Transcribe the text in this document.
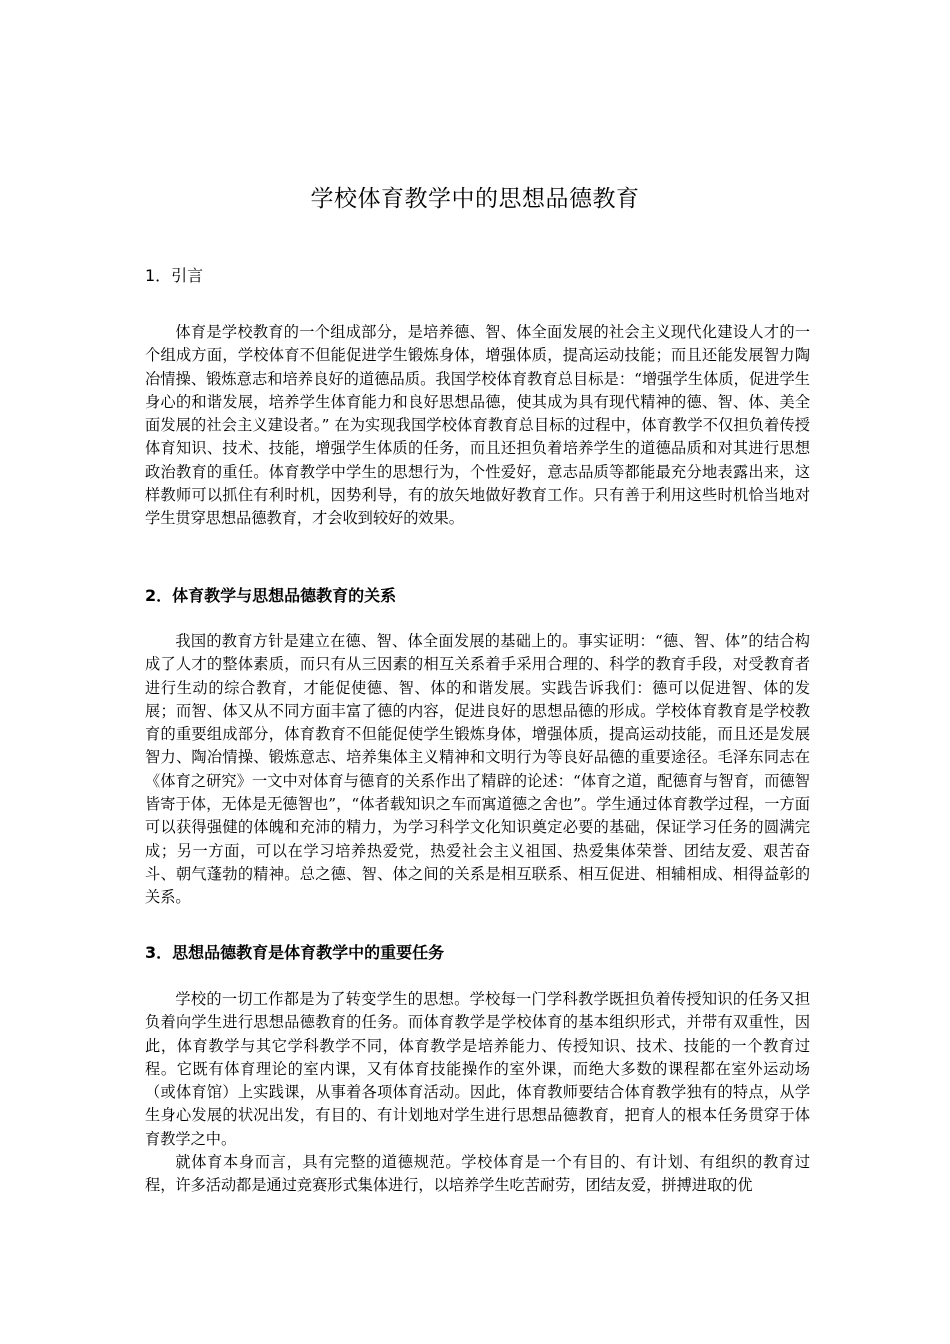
学校体育教学中的思想品德教育
1．引言

体育是学校教育的一个组成部分，是培养德、智、体全面发展的社会主义现代化建设人才的一个组成方面，学校体育不但能促进学生锻炼身体，增强体质，提高运动技能；而且还能发展智力陶冶情操、锻炼意志和培养良好的道德品质。我国学校体育教育总目标是：“增强学生体质，促进学生身心的和谐发展，培养学生体育能力和良好思想品德，使其成为具有现代精神的德、智、体、美全面发展的社会主义建设者。” 在为实现我国学校体育教育总目标的过程中，体育教学不仅担负着传授体育知识、技术、技能，增强学生体质的任务，而且还担负着培养学生的道德品质和对其进行思想政治教育的重任。体育教学中学生的思想行为，个性爱好，意志品质等都能最充分地表露出来，这样教师可以抓住有利时机，因势利导，有的放矢地做好教育工作。只有善于利用这些时机恰当地对学生贯穿思想品德教育，才会收到较好的效果。

2．体育教学与思想品德教育的关系

我国的教育方针是建立在德、智、体全面发展的基础上的。事实证明：“德、智、体”的结合构成了人才的整体素质，而只有从三因素的相互关系着手采用合理的、科学的教育手段，对受教育者进行生动的综合教育，才能促使德、智、体的和谐发展。实践告诉我们：德可以促进智、体的发展；而智、体又从不同方面丰富了德的内容，促进良好的思想品德的形成。学校体育教育是学校教育的重要组成部分，体育教育不但能促使学生锻炼身体，增强体质，提高运动技能，而且还是发展智力、陶冶情操、锻炼意志、培养集体主义精神和文明行为等良好品德的重要途径。毛泽东同志在《体育之研究》一文中对体育与德育的关系作出了精辟的论述：“体育之道，配德育与智育，而德智皆寄于体，无体是无德智也”，“体者载知识之车而寓道德之舍也”。学生通过体育教学过程，一方面可以获得强健的体魄和充沛的精力，为学习科学文化知识奠定必要的基础，保证学习任务的圆满完成；另一方面，可以在学习培养热爱党，热爱社会主义祖国、热爱集体荣誉、团结友爱、艰苦奋斗、朝气蓬勃的精神。总之德、智、体之间的关系是相互联系、相互促进、相辅相成、相得益彰的关系。

3．思想品德教育是体育教学中的重要任务

学校的一切工作都是为了转变学生的思想。学校每一门学科教学既担负着传授知识的任务又担负着向学生进行思想品德教育的任务。而体育教学是学校体育的基本组织形式，并带有双重性，因此，体育教学与其它学科教学不同，体育教学是培养能力、传授知识、技术、技能的一个教育过程。它既有体育理论的室内课，又有体育技能操作的室外课，而绝大多数的课程都在室外运动场（或体育馆）上实践课，从事着各项体育活动。因此，体育教师要结合体育教学独有的特点，从学生身心发展的状况出发，有目的、有计划地对学生进行思想品德教育，把育人的根本任务贯穿于体育教学之中。

就体育本身而言，具有完整的道德规范。学校体育是一个有目的、有计划、有组织的教育过程，许多活动都是通过竞赛形式集体进行，以培养学生吃苦耐劳，团结友爱，拼搏进取的优
